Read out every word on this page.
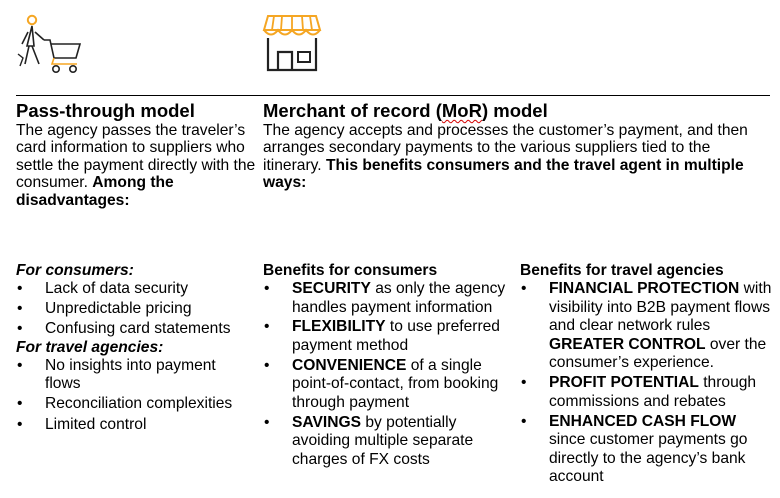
Pass-through model
The agency passes the traveler’s card information to suppliers who settle the payment directly with the consumer. Among the disadvantages:
For consumers:
• Lack of data security
• Unpredictable pricing
• Confusing card statements
For travel agencies:
• No insights into payment flows
• Reconciliation complexities
• Limited control
Merchant of record (MoR) model
The agency accepts and processes the customer’s payment, and then arranges secondary payments to the various suppliers tied to the itinerary. This benefits consumers and the travel agent in multiple ways:
Benefits for consumers
• SECURITY as only the agency handles payment information
• FLEXIBILITY to use preferred payment method
• CONVENIENCE of a single point-of-contact, from booking through payment
• SAVINGS by potentially avoiding multiple separate charges of FX costs
Benefits for travel agencies
• FINANCIAL PROTECTION with visibility into B2B payment flows and clear network rules GREATER CONTROL over the consumer’s experience.
• PROFIT POTENTIAL through commissions and rebates
• ENHANCED CASH FLOW since customer payments go directly to the agency’s bank account
